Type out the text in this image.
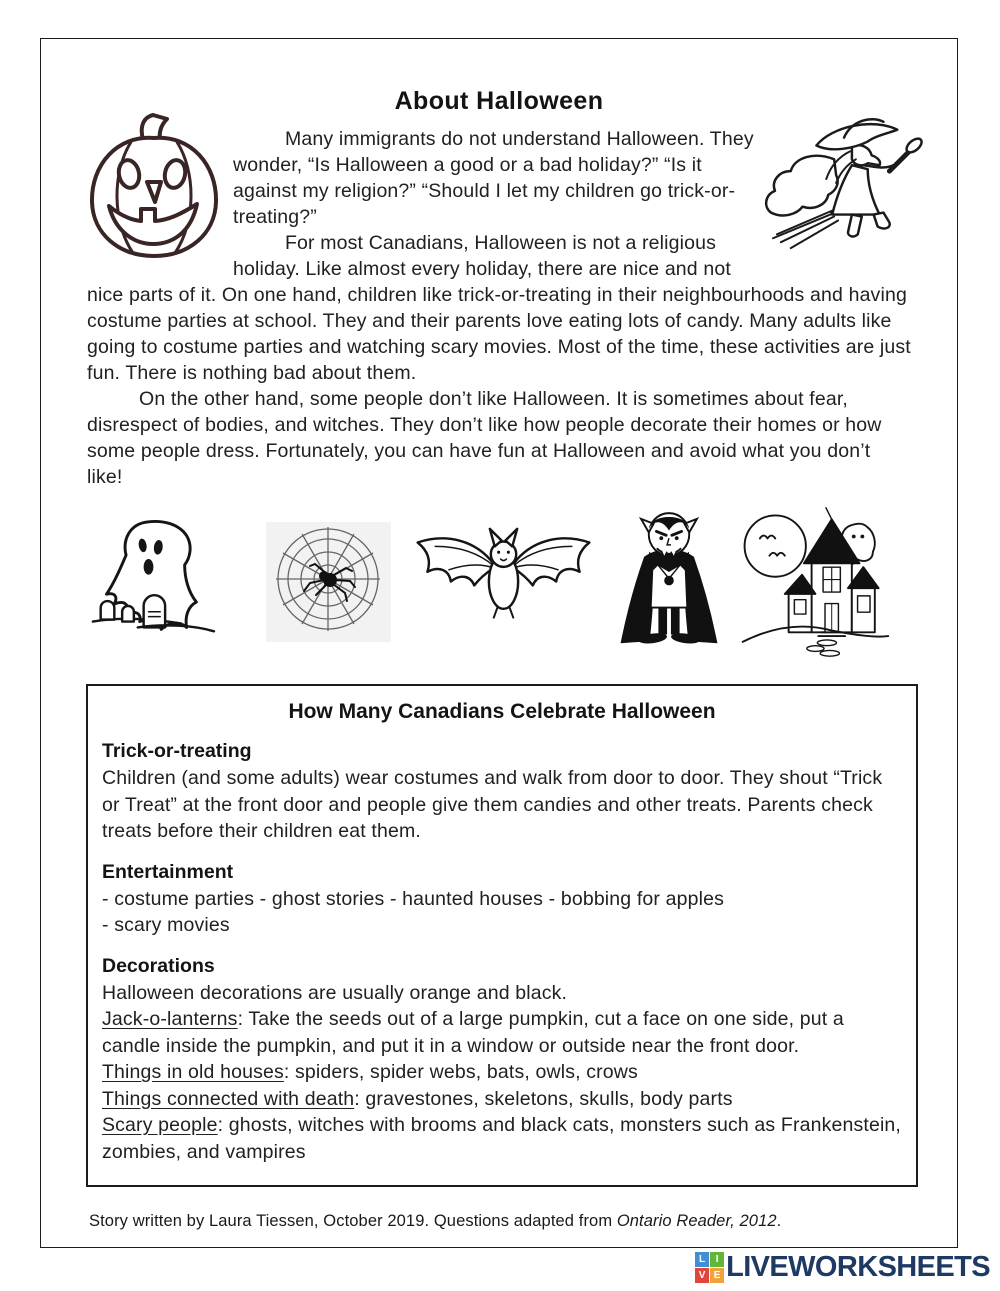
About Halloween

Many immigrants do not understand Halloween. They wonder, “Is Halloween a good or a bad holiday?” “Is it against my religion?” “Should I let my children go trick-or-treating?”

For most Canadians, Halloween is not a religious holiday. Like almost every holiday, there are nice and not nice parts of it. On one hand, children like trick-or-treating in their neighbourhoods and having costume parties at school. They and their parents love eating lots of candy. Many adults like going to costume parties and watching scary movies. Most of the time, these activities are just fun. There is nothing bad about them.

On the other hand, some people don’t like Halloween. It is sometimes about fear, disrespect of bodies, and witches. They don’t like how people decorate their homes or how some people dress. Fortunately, you can have fun at Halloween and avoid what you don’t like!

How Many Canadians Celebrate Halloween
Trick-or-treating
Children (and some adults) wear costumes and walk from door to door. They shout “Trick or Treat” at the front door and people give them candies and other treats. Parents check treats before their children eat them.
Entertainment
- costume parties - ghost stories - haunted houses - bobbing for apples
- scary movies
Decorations
Halloween decorations are usually orange and black.
Jack-o-lanterns: Take the seeds out of a large pumpkin, cut a face on one side, put a candle inside the pumpkin, and put it in a window or outside near the front door.
Things in old houses: spiders, spider webs, bats, owls, crows
Things connected with death: gravestones, skeletons, skulls, body parts
Scary people: ghosts, witches with brooms and black cats, monsters such as Frankenstein, zombies, and vampires
Story written by Laura Tiessen, October 2019. Questions adapted from Ontario Reader, 2012.
L	I
V E LIVEWORKSHEETS
